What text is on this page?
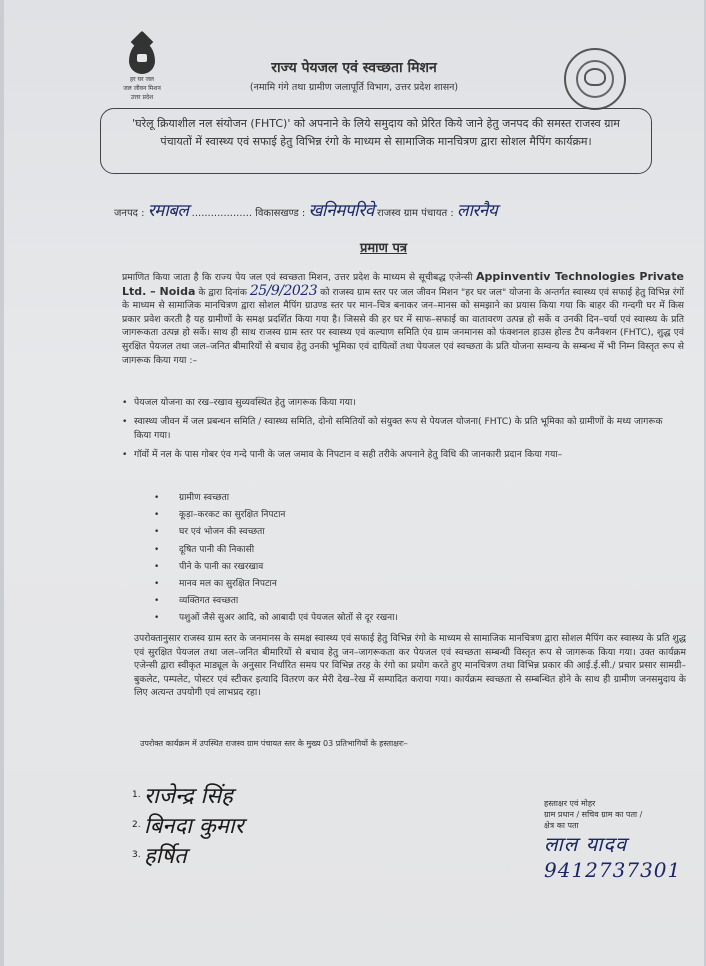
हर घर जल
जल जीवन मिशन
उत्तर प्रदेश
राज्य पेयजल एवं स्वच्छता मिशन
(नमामि गंगे तथा ग्रामीण जलापूर्ति विभाग, उत्तर प्रदेश शासन)
'घरेलू क्रियाशील नल संयोजन (FHTC)' को अपनाने के लिये समुदाय को प्रेरित किये जाने हेतु जनपद की समस्त राजस्व ग्राम पंचायतों में स्वास्थ्य एवं सफाई हेतु विभिन्न रंगो के माध्यम से सामाजिक मानचित्रण द्वारा सोशल मैपिंग कार्यक्रम।
जनपद : रमाबल ................... विकासखण्ड : खनिमपरिवे राजस्व ग्राम पंचायत : लारनैय
प्रमाण पत्र
प्रमाणित किया जाता है कि राज्य पेय जल एवं स्वच्छता मिशन, उत्तर प्रदेश के माध्यम से सूचीबद्ध एजेन्सी Appinventiv Technologies Private Ltd. – Noida के द्वारा दिनांक 25/9/2023 को राजस्व ग्राम स्तर पर जल जीवन मिशन "हर घर जल" योजना के अन्तर्गत स्वास्थ्य एवं सफाई हेतु विभिन्न रंगों के माध्यम से सामाजिक मानचित्रण द्वारा सोशल मैपिंग ग्राउण्ड स्तर पर मान–चित्र बनाकर जन–मानस को समझाने का प्रयास किया गया कि बाहर की गन्दगी घर में किस प्रकार प्रवेश करती है यह ग्रामीणों के समक्ष प्रदर्शित किया गया है। जिससे की हर घर में साफ–सफाई का वातावरण उत्पन्न हो सकें व उनकी दिन–चर्या एवं स्वास्थ्य के प्रति जागरूकता उत्पन्न हो सकें। साथ ही साथ राजस्व ग्राम स्तर पर स्वास्थ्य एवं कल्याण समिति एंव ग्राम जनमानस को फंक्शनल हाउस होल्ड टैप कनैक्शन (FHTC), शुद्ध एवं सुरक्षित पेयजल तथा जल–जनित बीमारियों से बचाव हेतु उनकी भूमिका एवं दायित्वों तथा पेयजल एवं स्वच्छता के प्रति योजना सम्वन्य के सम्बन्ध में भी निम्न विस्तृत रूप से जागरूक किया गया :–
• पेयजल योजना का रख–रखाव सुव्यवस्थित हेतु जागरूक किया गया।
• स्वास्थ्य जीवन में जल प्रबन्धन समिति / स्वास्थ्य समिति, दोनो समितियों को संयुक्त रूप से पेयजल योजना( FHTC) के प्रति भूमिका को ग्रामीणों के मध्य जागरूक किया गया।
• गॉवों में नल के पास गोबर एंव गन्दे पानी के जल जमाव के निपटान व सही तरीके अपनाने हेतु विधि की जानकारी प्रदान किया गया–
• ग्रामीण स्वच्छता
• कूड़ा–करकट का सुरक्षित निपटान
• घर एवं भोजन की स्वच्छता
• दूषित पानी की निकासी
• पीने के पानी का रखरखाव
• मानव मल का सुरक्षित निपटान
• व्यक्तिगत स्वच्छता
• पशुओं जैसे सुअर आदि, को आबादी एवं पेयजल स्रोतों से दूर रखना।
उपरोक्तानुसार राजस्व ग्राम स्तर के जनमानस के समक्ष स्वास्थ्य एवं सफाई हेतु विभिन्न रंगो के माध्यम से सामाजिक मानचित्रण द्वारा सोशल मैपिंग कर स्वास्थ्य के प्रति शुद्ध एवं सुरक्षित पेयजल तथा जल–जनित बीमारियों से बचाव हेतु जन–जागरूकता कर पेयजल एवं स्वच्छता सम्बन्धी विस्तृत रूप से जागरूक किया गया। उक्त कार्यक्रम एजेन्सी द्वारा स्वीकृत माड्यूल के अनुसार निर्धारित समय पर विभिन्न तरह के रंगो का प्रयोग करते हुए मानचित्रण तथा विभिन्न प्रकार की आई.ई.सी./ प्रचार प्रसार सामग्री–बुकलेट, पम्पलेट, पोस्टर एवं स्टीकर इत्यादि वितरण कर मेरी देख–रेख में सम्पादित कराया गया। कार्यक्रम स्वच्छता से सम्बन्धित होने के साथ ही ग्रामीण जनसमुदाय के लिए अत्यन्त उपयोगी एवं लाभप्रद रहा।
उपरोक्त कार्यक्रम में उपस्थित राजस्व ग्राम पंचायत स्तर के मुख्य 03 प्रतिभागियों के हस्ताक्षरः–
1. राजेन्द्र सिंह
2. बिनदा कुमार
3. हर्षित
हस्ताक्षर एवं मोहर
ग्राम प्रधान / सचिव ग्राम का पता /
क्षेत्र का पता
लाल यादव
9412737301
